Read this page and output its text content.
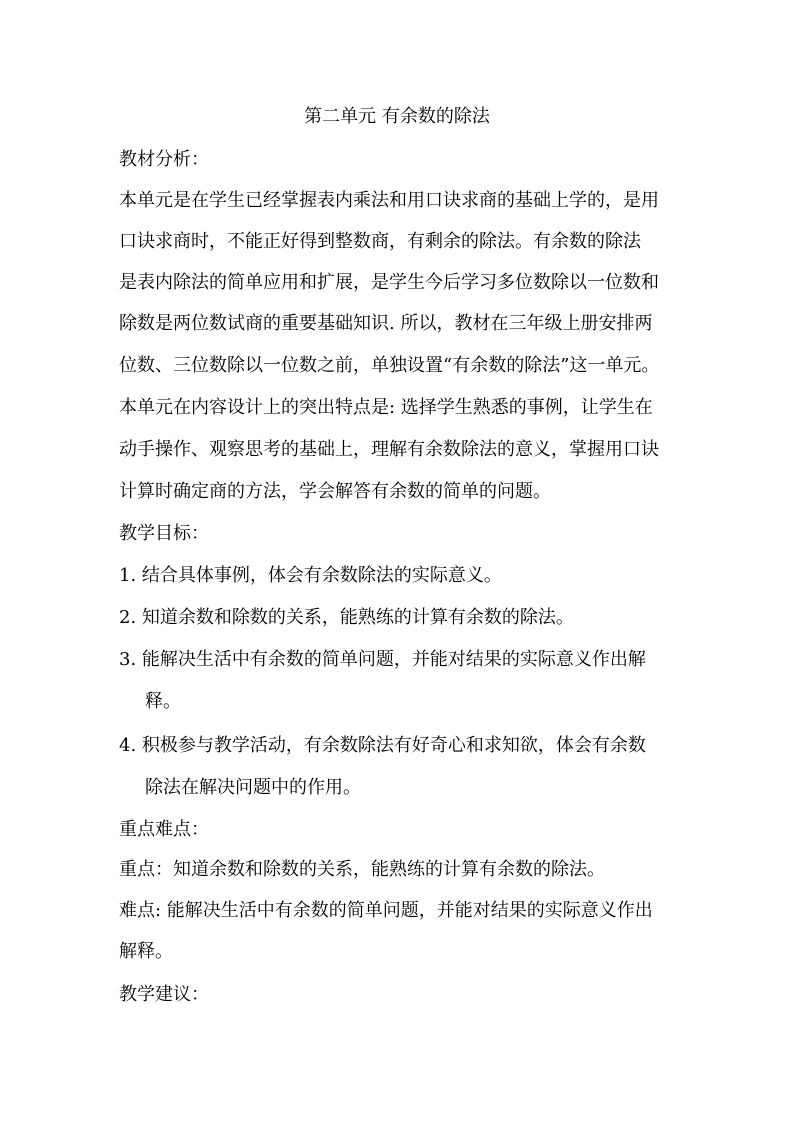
第二单元 有余数的除法
教材分析：
本单元是在学生已经掌握表内乘法和用口诀求商的基础上学的，是用
口诀求商时，不能正好得到整数商，有剩余的除法。有余数的除法
是表内除法的简单应用和扩展，是学生今后学习多位数除以一位数和
除数是两位数试商的重要基础知识. 所以，教材在三年级上册安排两
位数、三位数除以一位数之前，单独设置“有余数的除法”这一单元。
本单元在内容设计上的突出特点是: 选择学生熟悉的事例，让学生在
动手操作、观察思考的基础上，理解有余数除法的意义，掌握用口诀
计算时确定商的方法，学会解答有余数的简单的问题。
教学目标：
1. 结合具体事例，体会有余数除法的实际意义。
2. 知道余数和除数的关系，能熟练的计算有余数的除法。
3. 能解决生活中有余数的简单问题，并能对结果的实际意义作出解
释。
4. 积极参与教学活动，有余数除法有好奇心和求知欲，体会有余数
除法在解决问题中的作用。
重点难点：
重点：知道余数和除数的关系，能熟练的计算有余数的除法。
难点: 能解决生活中有余数的简单问题，并能对结果的实际意义作出
解释。
教学建议：
